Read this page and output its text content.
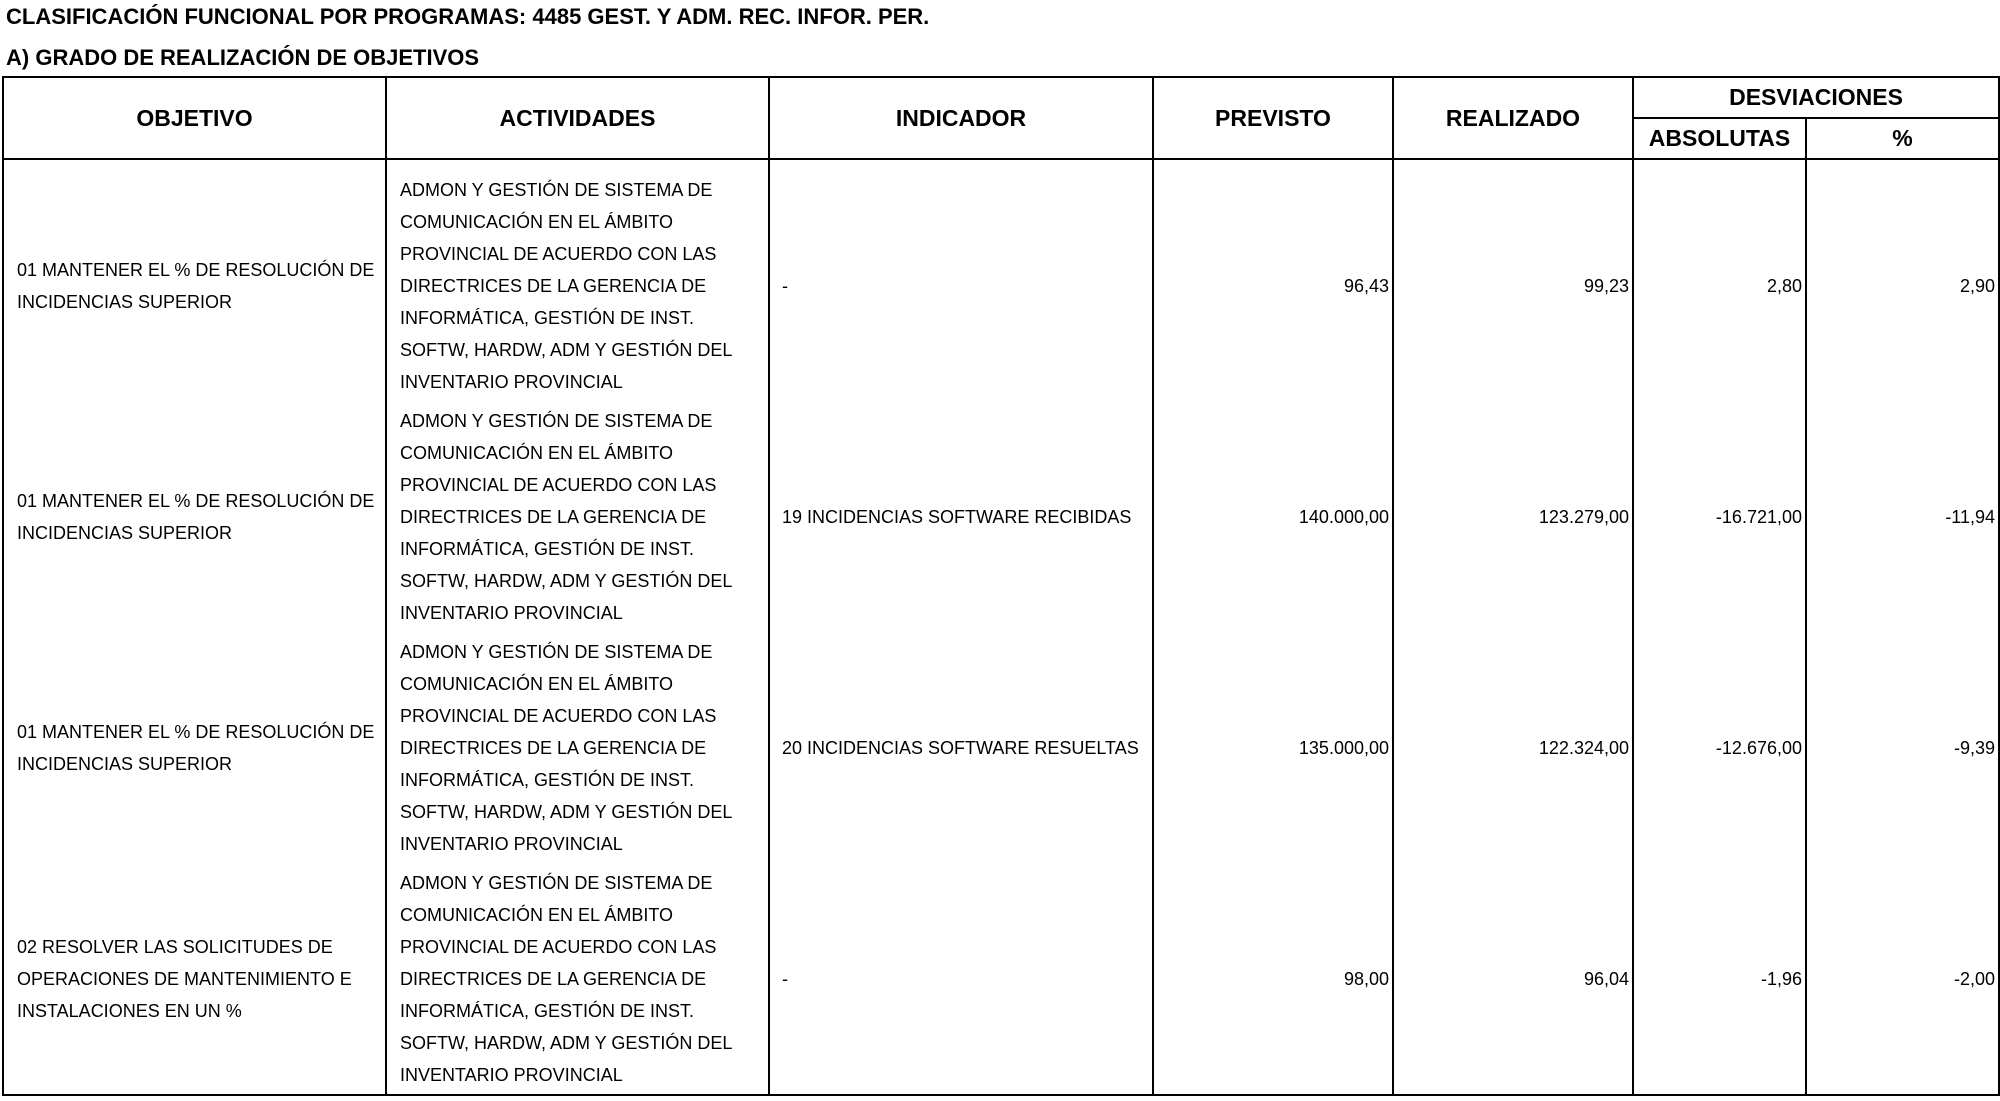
CLASIFICACIÓN FUNCIONAL POR PROGRAMAS: 4485 GEST. Y ADM. REC. INFOR. PER.
A) GRADO DE REALIZACIÓN DE OBJETIVOS
OBJETIVO	ACTIVIDADES	INDICADOR	PREVISTO	REALIZADO	DESVIACIONES	
					ABSOLUTAS	%
01 MANTENER EL % DE RESOLUCIÓN DE INCIDENCIAS SUPERIOR	ADMON Y GESTIÓN DE SISTEMA DE COMUNICACIÓN EN EL ÁMBITO PROVINCIAL DE ACUERDO CON LAS DIRECTRICES DE LA GERENCIA DE INFORMÁTICA, GESTIÓN DE INST. SOFTW, HARDW, ADM Y GESTIÓN DEL INVENTARIO PROVINCIAL	-	96,43	99,23	2,80	2,90
01 MANTENER EL % DE RESOLUCIÓN DE INCIDENCIAS SUPERIOR	ADMON Y GESTIÓN DE SISTEMA DE COMUNICACIÓN EN EL ÁMBITO PROVINCIAL DE ACUERDO CON LAS DIRECTRICES DE LA GERENCIA DE INFORMÁTICA, GESTIÓN DE INST. SOFTW, HARDW, ADM Y GESTIÓN DEL INVENTARIO PROVINCIAL	19 INCIDENCIAS SOFTWARE RECIBIDAS	140.000,00	123.279,00	-16.721,00	-11,94
01 MANTENER EL % DE RESOLUCIÓN DE INCIDENCIAS SUPERIOR	ADMON Y GESTIÓN DE SISTEMA DE COMUNICACIÓN EN EL ÁMBITO PROVINCIAL DE ACUERDO CON LAS DIRECTRICES DE LA GERENCIA DE INFORMÁTICA, GESTIÓN DE INST. SOFTW, HARDW, ADM Y GESTIÓN DEL INVENTARIO PROVINCIAL	20 INCIDENCIAS SOFTWARE RESUELTAS	135.000,00	122.324,00	-12.676,00	-9,39
02 RESOLVER LAS SOLICITUDES DE OPERACIONES DE MANTENIMIENTO E INSTALACIONES EN UN %	ADMON Y GESTIÓN DE SISTEMA DE COMUNICACIÓN EN EL ÁMBITO PROVINCIAL DE ACUERDO CON LAS DIRECTRICES DE LA GERENCIA DE INFORMÁTICA, GESTIÓN DE INST. SOFTW, HARDW, ADM Y GESTIÓN DEL INVENTARIO PROVINCIAL	-	98,00	96,04	-1,96	-2,00
